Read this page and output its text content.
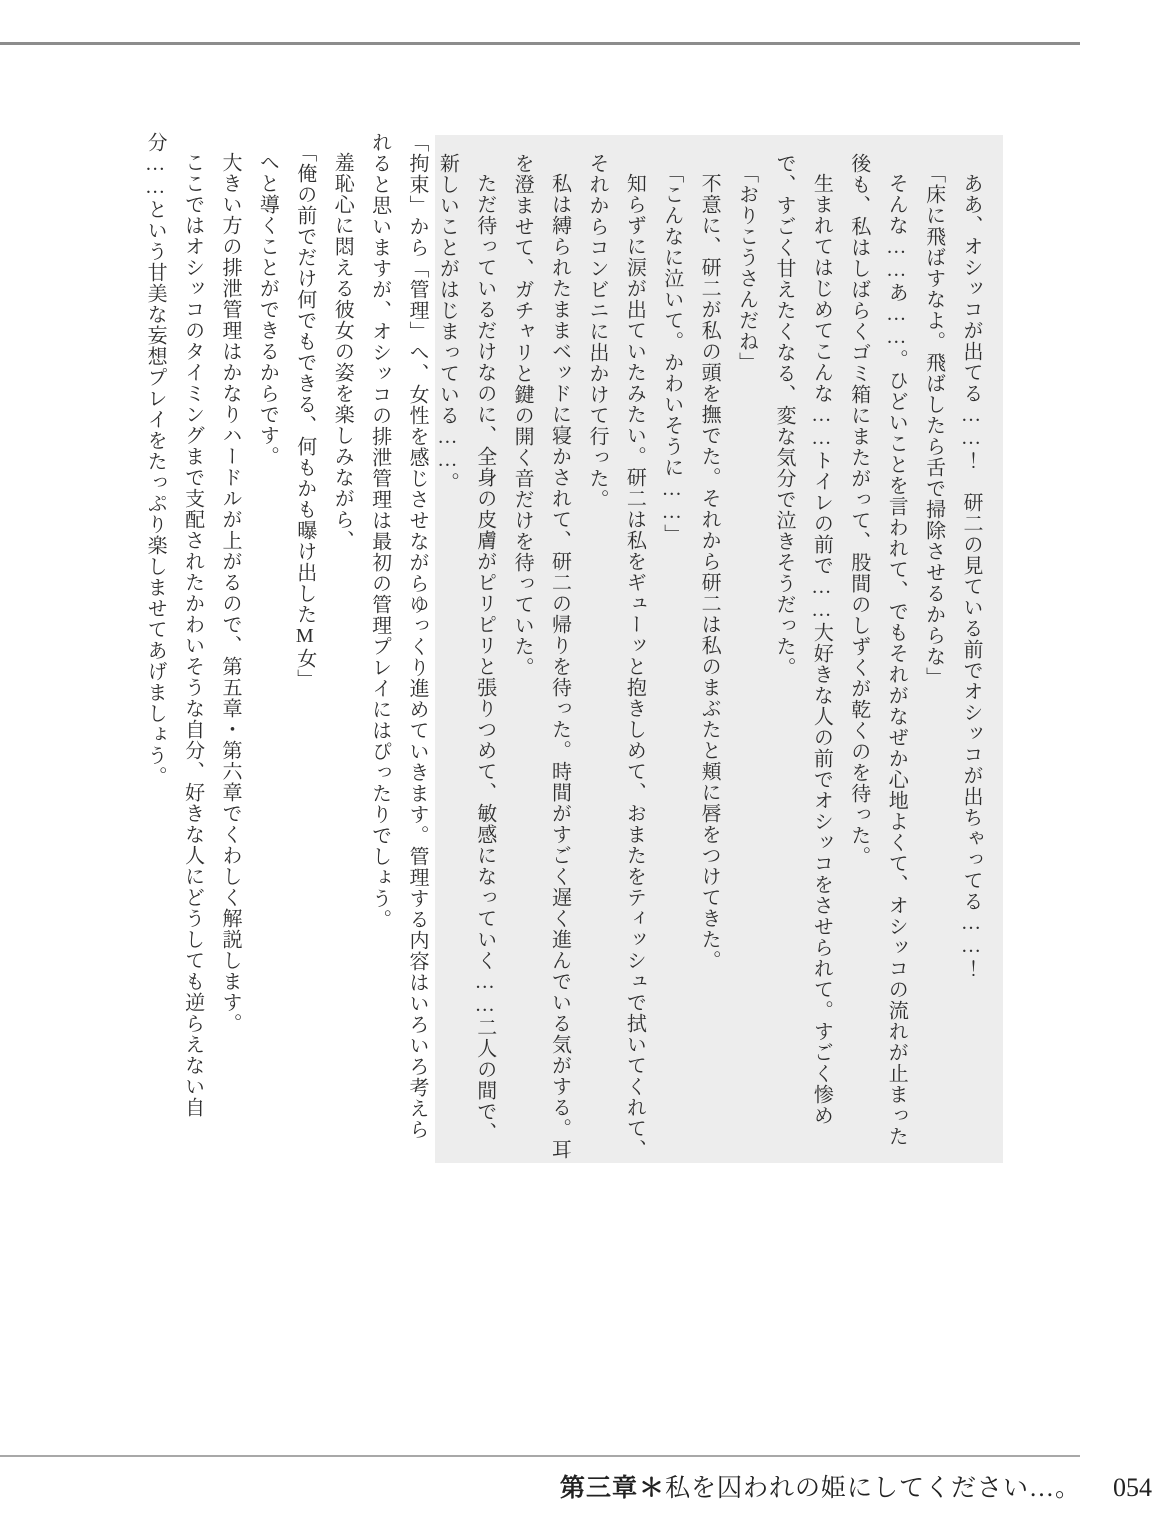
ああ、オシッコが出てる……！　研二の見ている前でオシッコが出ちゃってる……！

「床に飛ばすなよ。飛ばしたら舌で掃除させるからな」

そんな……あ……。ひどいことを言われて、でもそれがなぜか心地よくて、オシッコの流れが止まった後も、私はしばらくゴミ箱にまたがって、股間のしずくが乾くのを待った。

生まれてはじめてこんな……トイレの前で……大好きな人の前でオシッコをさせられて。すごく惨めで、すごく甘えたくなる、変な気分で泣きそうだった。

「おりこうさんだね」

不意に、研二が私の頭を撫でた。それから研二は私のまぶたと頬に唇をつけてきた。

「こんなに泣いて。かわいそうに……」

知らずに涙が出ていたみたい。研二は私をギューッと抱きしめて、おまたをティッシュで拭いてくれて、それからコンビニに出かけて行った。

私は縛られたままベッドに寝かされて、研二の帰りを待った。時間がすごく遅く進んでいる気がする。耳を澄ませて、ガチャリと鍵の開く音だけを待っていた。

ただ待っているだけなのに、全身の皮膚がピリピリと張りつめて、敏感になっていく……二人の間で、新しいことがはじまっている……。

「拘束」から「管理」へ、女性を感じさせながらゆっくり進めていきます。管理する内容はいろいろ考えられると思いますが、オシッコの排泄管理は最初の管理プレイにはぴったりでしょう。

羞恥心に悶える彼女の姿を楽しみながら、

「俺の前でだけ何でもできる、何もかも曝け出したM女」

へと導くことができるからです。

大きい方の排泄管理はかなりハードルが上がるので、第五章・第六章でくわしく解説します。

ここではオシッコのタイミングまで支配されたかわいそうな自分、好きな人にどうしても逆らえない自分……という甘美な妄想プレイをたっぷり楽しませてあげましょう。

第三章＊私を囚われの姫にしてください…。 054
